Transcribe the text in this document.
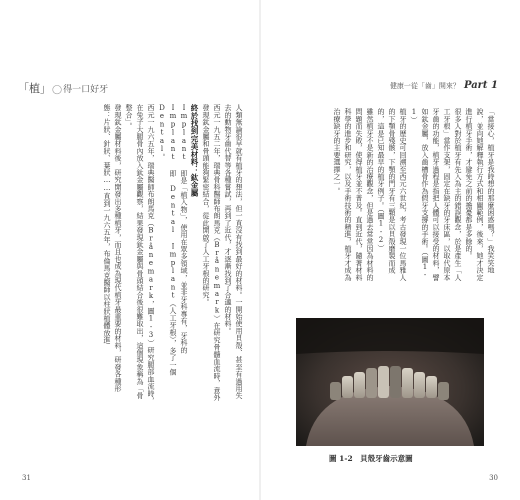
「植」◯得一口好牙

人類無論很早就有植牙的想法，但一直沒有找到最好的材料。一開始使用貝殼、甚至有過用失去的動物牙齒代替等各種嘗試，再到了近代，才逐漸找到了合適的材料。

西元一九五二年，瑞典骨科醫師布朗馬克（Brånemark）在研究骨髓血流時，意外發現鈦金屬和骨頭能夠緊密結合，從此開啟了人工牙根的研究。

終於找到完美材料：鈦金屬

Implant 即是「植入物」，使用在眾多領域，並非牙科專有，牙科的 Implant 即 Dental Implant（人工牙根），多了一個 Dental。

西元一九六五年，瑞典醫師布朗馬克（Brånemark，圖1-3）研究腿部血流時，在兔子大腿骨內放入鈦金屬觀察，結果發現鈦金屬與骨頭結合後很難取出，這個現象稱為「骨整合」。

發現鈦金屬材料後，研究開發出多種植牙，而且也成為現代植牙最重要的材料，研發各種形態：片狀、針狀、葉狀……直到一九六五年，布倫馬克醫師以柱狀植體放進

31
健康一從「齒」開來？ Part 1
30

「當接心，植牙是我時想的那麼困惑嗎？」我笑笑地說，並向她解釋執行方式和相關範例，後來，她才決定進行植牙手術，才避免之前的擔憂都是多餘的。

很多人對於植牙有先入為主的錯誤觀念，於是產生「人工牙根」當作支架，固定在缺牙的牙床區，以取代原本牙齒的功能，植牙過程是指把人體可以接受的材料，譬如鈦金屬，放入齒槽骨作為假牙支撐的手術。（圖1-1）

植牙的歷史可回溯至西元六世紀，考古發現一位馬雅人的下顎骨殘骸，下顎的門牙有三顆是以貝殼磨製而成的，這是已知最早的植牙例子。（圖1-2）

雖然植牙不是新的治療觀念，但是過去常常因為材料的問題而失敗，使得植牙並不普及。直到近代，隨著材料科學的進步和研究，以及手術技術的精進，植牙才成為治療缺牙的主要選擇之一。

圖 1-2　貝殼牙齒示意圖
